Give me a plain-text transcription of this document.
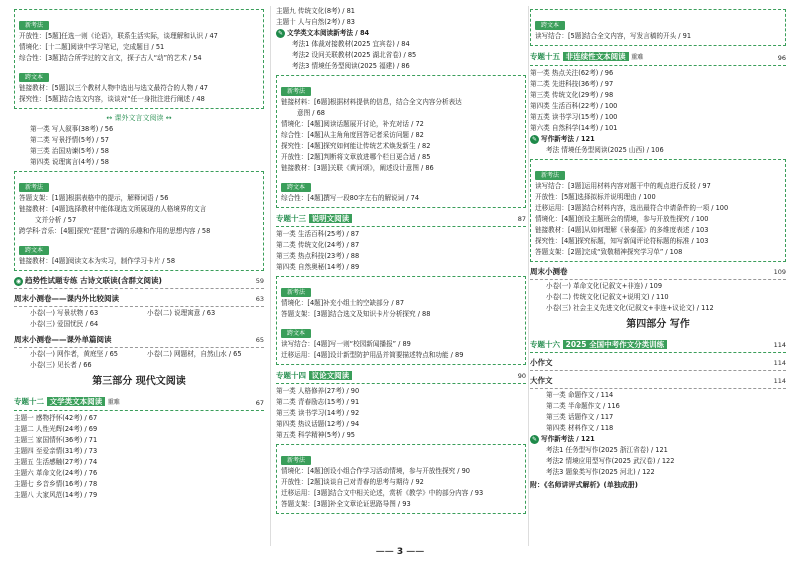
新考法
开放性：[5题]任选一则《论语》，联系生活实际，谈理解和认识 / 47
情境化：[十二题]阅读中学习笔记，完成题目 / 51
综合性：[3题]结合所学过的文言文，探子古人“动”的艺术 / 54
跨文本
链接教材：[5题]以三个教材人物中选出与选文最符合的人物 / 47
探究性：[5题]结合选文内容，谈谈对“任一身批注进行阐述 / 48
↔ 课外文言文阅读 ↔
第一类 写人叙事(38考) / 56
第二类 写景抒情(5考) / 57
第三类 治国劝谏(5考) / 58
第四类 说理寓言(4考) / 58
新考法
答题支架：[1题]根据表格中的提示，解释词语 / 56
链接教材：[4题]选择教材中能体现选文所展现的人格境界的文言
文并分析 / 57
跨学科·音乐：[4题]探究“琵琶”音调的乐趣和作用的思想内容 / 58
跨文本
链接教材：[4题]阅读文本为实习，制作学习卡片 / 58
◉ 趋势性试题专练 古诗文联读(含群文阅读)	59
周末小测卷——课内外比较阅读	63
小卷(一) 写景状物 / 63	小卷(二) 说理寓意 / 63
小卷(三) 爱国忧民 / 64
周末小测卷——课外单篇阅读	65
小卷(一) 网作者，黄庭坚 / 65	小卷(二) 网题材，自然山水 / 65
小卷(三) 见长者 / 66
第三部分 现代文阅读
专题十二 文学类文本阅读 重难	67
主题一 感物抒怀(42考) / 67
主题二 人性光辉(24考) / 69
主题三 家国情怀(36考) / 71
主题四 至爱亲情(31考) / 73
主题五 生活感触(27考) / 74
主题六 革命文化(24考) / 76
主题七 乡音乡情(16考) / 78
主题八 大家风范(14考) / 79
主题九 传统文化(8考) / 81
主题十 人与自然(2考) / 83
✎ 文学类文本阅读新考法 / 84
考法1 体裁对接教材(2025 宜宾卷) / 84
考法2 设问关联教材(2025 湖北省卷) / 85
考法3 情境任务型阅读(2025 福建) / 86
新考法
链接材料：[6题]根据材料提供的信息，结合全文内容分析表达
意图 / 68
情境化：[4题]阅读话题展开讨论，补充对话 / 72
综合性：[4题]从主角角度回答记者采访问题 / 82
探究性：[4题]探究如何能让传统艺术焕发新生 / 82
开放性：[2题]判断将文章放进哪个栏目更合适 / 85
链接教材：[3题]关联《黄河颂》，阐述设计意图 / 86
跨文本
综合性：[4题]撰写一段80字左右的解说词 / 74
专题十三 说明文阅读	87
第一类 生活百科(25考) / 87
第二类 传统文化(24考) / 87
第三类 热点科技(23考) / 88
第四类 自然奥秘(14考) / 89
新考法
情境化：[4题]补充小组士的空缺部分 / 87
答题支架：[3题]结合选文及知识卡片分析探究 / 88
跨文本
读写结合：[4题]写一则“校园新闻播报” / 89
迁移运用：[4题]设计新型防护用品并简要描述特点和功能 / 89
专题十四 议论文阅读	90
第一类 人格修养(27考) / 90
第二类 青春励志(15考) / 91
第三类 读书学习(14考) / 92
第四类 热议话题(12考) / 94
第五类 科学精神(5考) / 95
新考法
情境化：[4题]创设小组合作学习活动情境，参与开放性探究 / 90
开放性：[2题]谈谈自己对青春的思考与期待 / 92
迁移运用：[3题]结合文中相关论述，赏析《教学》中的部分内容 / 93
答题支架：[3题]补全文章论证思路导图 / 93
跨文本
读写结合：[5题]结合全文内容，写发言稿的开头 / 91
专题十五 非连续性文本阅读 重难	96
第一类 热点关注(62考) / 96
第二类 先进科技(36考) / 97
第三类 传统文化(29考) / 98
第四类 生活百科(22考) / 100
第五类 读书学习(15考) / 100
第六类 自然科学(14考) / 101
✎ 写作新考法 / 121
考法 情境任务型阅读(2025 山西) / 106
新考法
读写结合：[3题]运用材料内容对题干中的观点进行反驳 / 97
开放性：[5题]选择拟标并说明理由 / 100
迁移运用：[3题]结合材料内容，选出最符合申请条件的一项 / 100
情境化：[4题]创设主题班会的情境，参与开放性探究 / 100
链接教材：[4题]从如何理解《景泰蓝》的多维度表述 / 103
探究性：[4题]探究标题，知写新闻评论符标题的标准 / 103
答题支架：[2题]完成“致敬精神探究学习单” / 108
周末小测卷	109
小卷(一) 革命文化(记叙文+非连) / 109
小卷(二) 传统文化(记叙文+说明文) / 110
小卷(三) 社会主义先进文化(记叙文+非连+议论文) / 112
第四部分 写作
专题十六 2025 全国中考作文分类训练	114
小作文	114
大作文	114
第一类 命题作文 / 114
第二类 半命题作文 / 116
第三类 话题作文 / 117
第四类 材料作文 / 118
✎ 写作新考法 / 121
考法1 任务型写作(2025 浙江省卷) / 121
考法2 情境应用型写作(2025 武汉卷) / 122
考法3 题象类写作(2025 河北) / 122
附：《名师讲评式解析》(单独成册)
—— 3 ——
